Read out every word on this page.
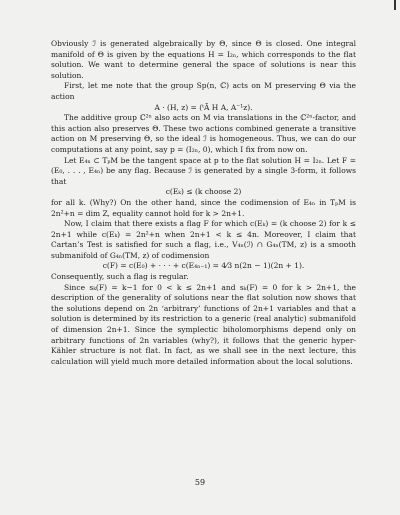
Obviously ℐ is generated algebraically by Θ, since Θ is closed. One integral manifold of Θ is given by the equations H = I₂ₙ, which corresponds to the flat solution. We want to determine general the space of solutions is near this solution.

First, let me note that the group Sp(n, ℂ) acts on M preserving Θ via the action

A · (H, z) = (ᵗĀ H A, A⁻¹z).

The additive group ℂ²ⁿ also acts on M via translations in the ℂ²ⁿ-factor, and this action also preserves Θ. These two actions combined generate a transitive action on M preserving Θ, so the ideal ℐ is homogeneous. Thus, we can do our computations at any point, say p = (I₂ₙ, 0), which I fix from now on.

Let E₄ₙ ⊂ TₚM be the tangent space at p to the flat solution H = I₂ₙ. Let F = (E₀, . . . , E₄ₙ) be any flag. Because ℐ is generated by a single 3-form, it follows that

c(Eₖ) ≤ (k choose 2)

for all k. (Why?) On the other hand, since the codimension of E₄ₙ in TₚM is 2n²+n = dim Z, equality cannot hold for k > 2n+1.

Now, I claim that there exists a flag F for which c(Eₖ) = (k choose 2) for k ≤ 2n+1 while c(Eₖ) = 2n²+n when 2n+1 < k ≤ 4n. Moreover, I claim that Cartan’s Test is satisfied for such a flag, i.e., V₄ₙ(ℐ) ∩ G₄ₙ(TM, z) is a smooth submanifold of G₄ₙ(TM, z) of codimension

c(F) = c(E₀) + · · · + c(E₄ₙ₋₁) = 4⁄3 n(2n − 1)(2n + 1).

Consequently, such a flag is regular.

Since sₖ(F) = k−1 for 0 < k ≤ 2n+1 and sₖ(F) = 0 for k > 2n+1, the description of the generality of solutions near the flat solution now shows that the solutions depend on 2n ‘arbitrary’ functions of 2n+1 variables and that a solution is determined by its restriction to a generic (real analytic) submanifold of dimension 2n+1. Since the symplectic biholomorphisms depend only on arbitrary functions of 2n variables (why?), it follows that the generic hyper-Kähler structure is not flat. In fact, as we shall see in the next lecture, this calculation will yield much more detailed information about the local solutions.

59
